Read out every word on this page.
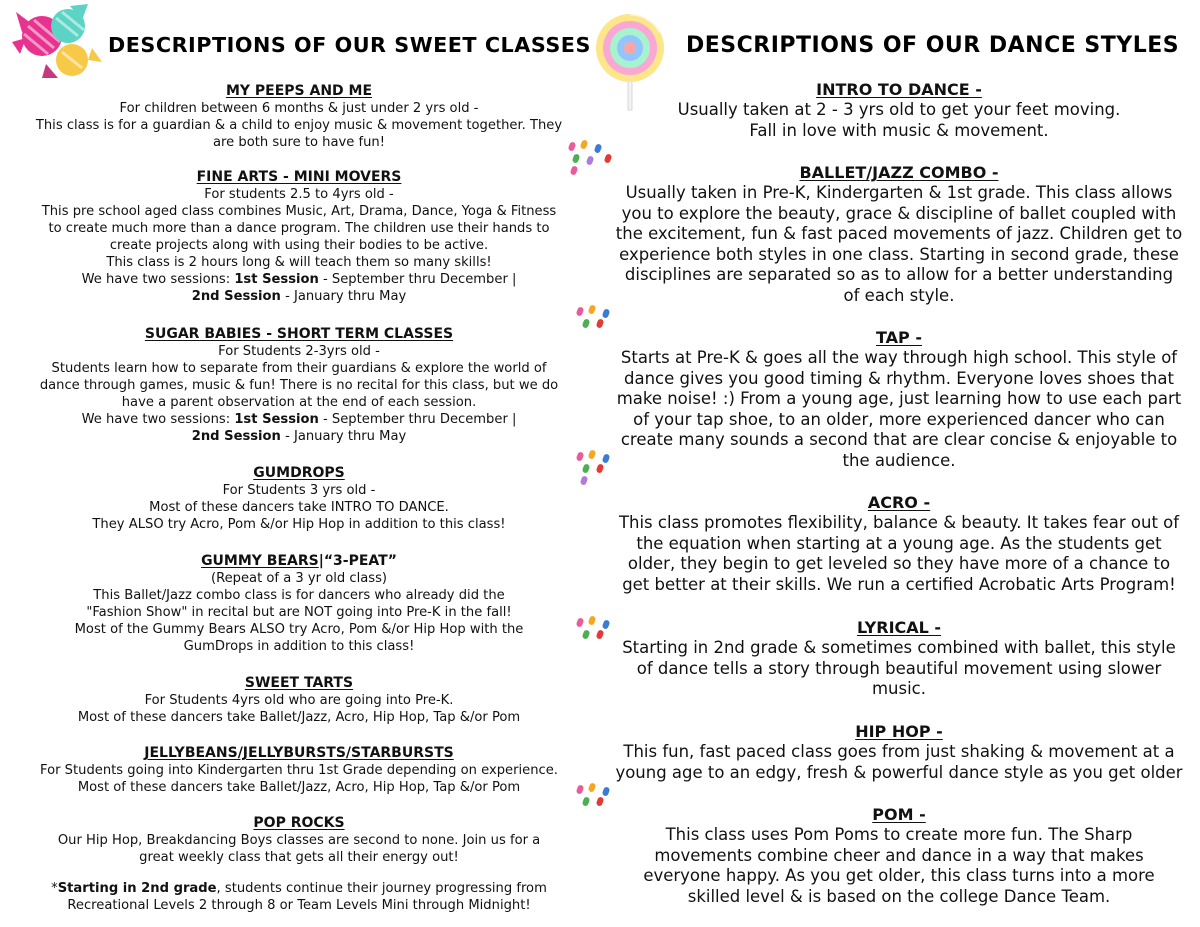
DESCRIPTIONS OF OUR SWEET CLASSES
MY PEEPS AND ME
For children between 6 months & just under 2 yrs old -
This class is for a guardian & a child to enjoy music & movement together. They
are both sure to have fun!
FINE ARTS - MINI MOVERS
For students 2.5 to 4yrs old -
This pre school aged class combines Music, Art, Drama, Dance, Yoga & Fitness
to create much more than a dance program. The children use their hands to
create projects along with using their bodies to be active.
This class is 2 hours long & will teach them so many skills!
We have two sessions: 1st Session - September thru December |
2nd Session - January thru May
SUGAR BABIES - SHORT TERM CLASSES
For Students 2-3yrs old -
Students learn how to separate from their guardians & explore the world of
dance through games, music & fun! There is no recital for this class, but we do
have a parent observation at the end of each session.
We have two sessions: 1st Session - September thru December |
2nd Session - January thru May
GUMDROPS
For Students 3 yrs old -
Most of these dancers take INTRO TO DANCE.
They ALSO try Acro, Pom &/or Hip Hop in addition to this class!
GUMMY BEARS|“3-PEAT”
(Repeat of a 3 yr old class)
This Ballet/Jazz combo class is for dancers who already did the
"Fashion Show" in recital but are NOT going into Pre-K in the fall!
Most of the Gummy Bears ALSO try Acro, Pom &/or Hip Hop with the
GumDrops in addition to this class!
SWEET TARTS
For Students 4yrs old who are going into Pre-K.
Most of these dancers take Ballet/Jazz, Acro, Hip Hop, Tap &/or Pom
JELLYBEANS/JELLYBURSTS/STARBURSTS
For Students going into Kindergarten thru 1st Grade depending on experience.
Most of these dancers take Ballet/Jazz, Acro, Hip Hop, Tap &/or Pom
POP ROCKS
Our Hip Hop, Breakdancing Boys classes are second to none. Join us for a
great weekly class that gets all their energy out!
*Starting in 2nd grade, students continue their journey progressing from
Recreational Levels 2 through 8 or Team Levels Mini through Midnight!
DESCRIPTIONS OF OUR DANCE STYLES
INTRO TO DANCE -
Usually taken at 2 - 3 yrs old to get your feet moving.
Fall in love with music & movement.
BALLET/JAZZ COMBO -
Usually taken in Pre-K, Kindergarten & 1st grade. This class allows
you to explore the beauty, grace & discipline of ballet coupled with
the excitement, fun & fast paced movements of jazz. Children get to
experience both styles in one class. Starting in second grade, these
disciplines are separated so as to allow for a better understanding
of each style.
TAP -
Starts at Pre-K & goes all the way through high school. This style of
dance gives you good timing & rhythm. Everyone loves shoes that
make noise! :) From a young age, just learning how to use each part
of your tap shoe, to an older, more experienced dancer who can
create many sounds a second that are clear concise & enjoyable to
the audience.
ACRO -
This class promotes flexibility, balance & beauty. It takes fear out of
the equation when starting at a young age. As the students get
older, they begin to get leveled so they have more of a chance to
get better at their skills. We run a certified Acrobatic Arts Program!
LYRICAL -
Starting in 2nd grade & sometimes combined with ballet, this style
of dance tells a story through beautiful movement using slower
music.
HIP HOP -
This fun, fast paced class goes from just shaking & movement at a
young age to an edgy, fresh & powerful dance style as you get older
POM -
This class uses Pom Poms to create more fun. The Sharp
movements combine cheer and dance in a way that makes
everyone happy. As you get older, this class turns into a more
skilled level & is based on the college Dance Team.
